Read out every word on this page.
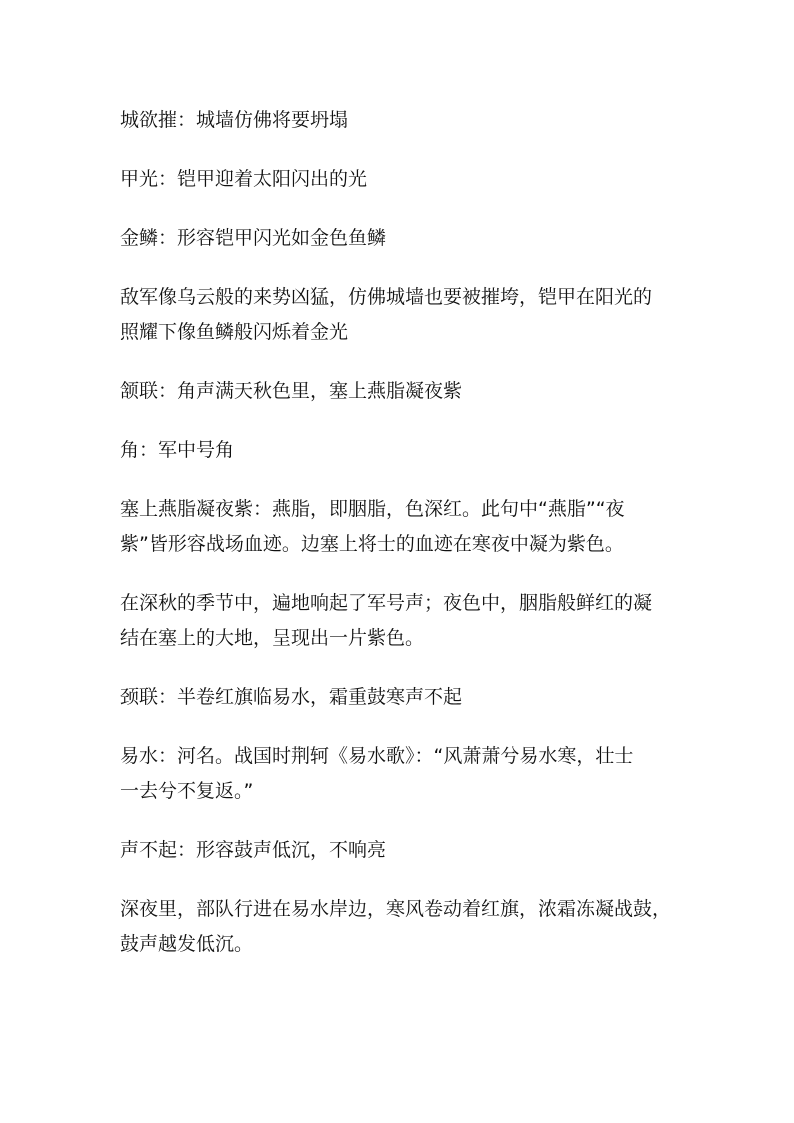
城欲摧：城墙仿佛将要坍塌

甲光：铠甲迎着太阳闪出的光

金鳞：形容铠甲闪光如金色鱼鳞

敌军像乌云般的来势凶猛，仿佛城墙也要被摧垮，铠甲在阳光的
照耀下像鱼鳞般闪烁着金光

颔联：角声满天秋色里，塞上燕脂凝夜紫

角：军中号角

塞上燕脂凝夜紫：燕脂，即胭脂，色深红。此句中“燕脂”“夜
紫”皆形容战场血迹。边塞上将士的血迹在寒夜中凝为紫色。

在深秋的季节中，遍地响起了军号声；夜色中，胭脂般鲜红的凝
结在塞上的大地，呈现出一片紫色。

颈联：半卷红旗临易水，霜重鼓寒声不起

易水：河名。战国时荆轲《易水歌》：“风萧萧兮易水寒，壮士
一去兮不复返。”

声不起：形容鼓声低沉，不响亮

深夜里，部队行进在易水岸边，寒风卷动着红旗，浓霜冻凝战鼓，
鼓声越发低沉。
